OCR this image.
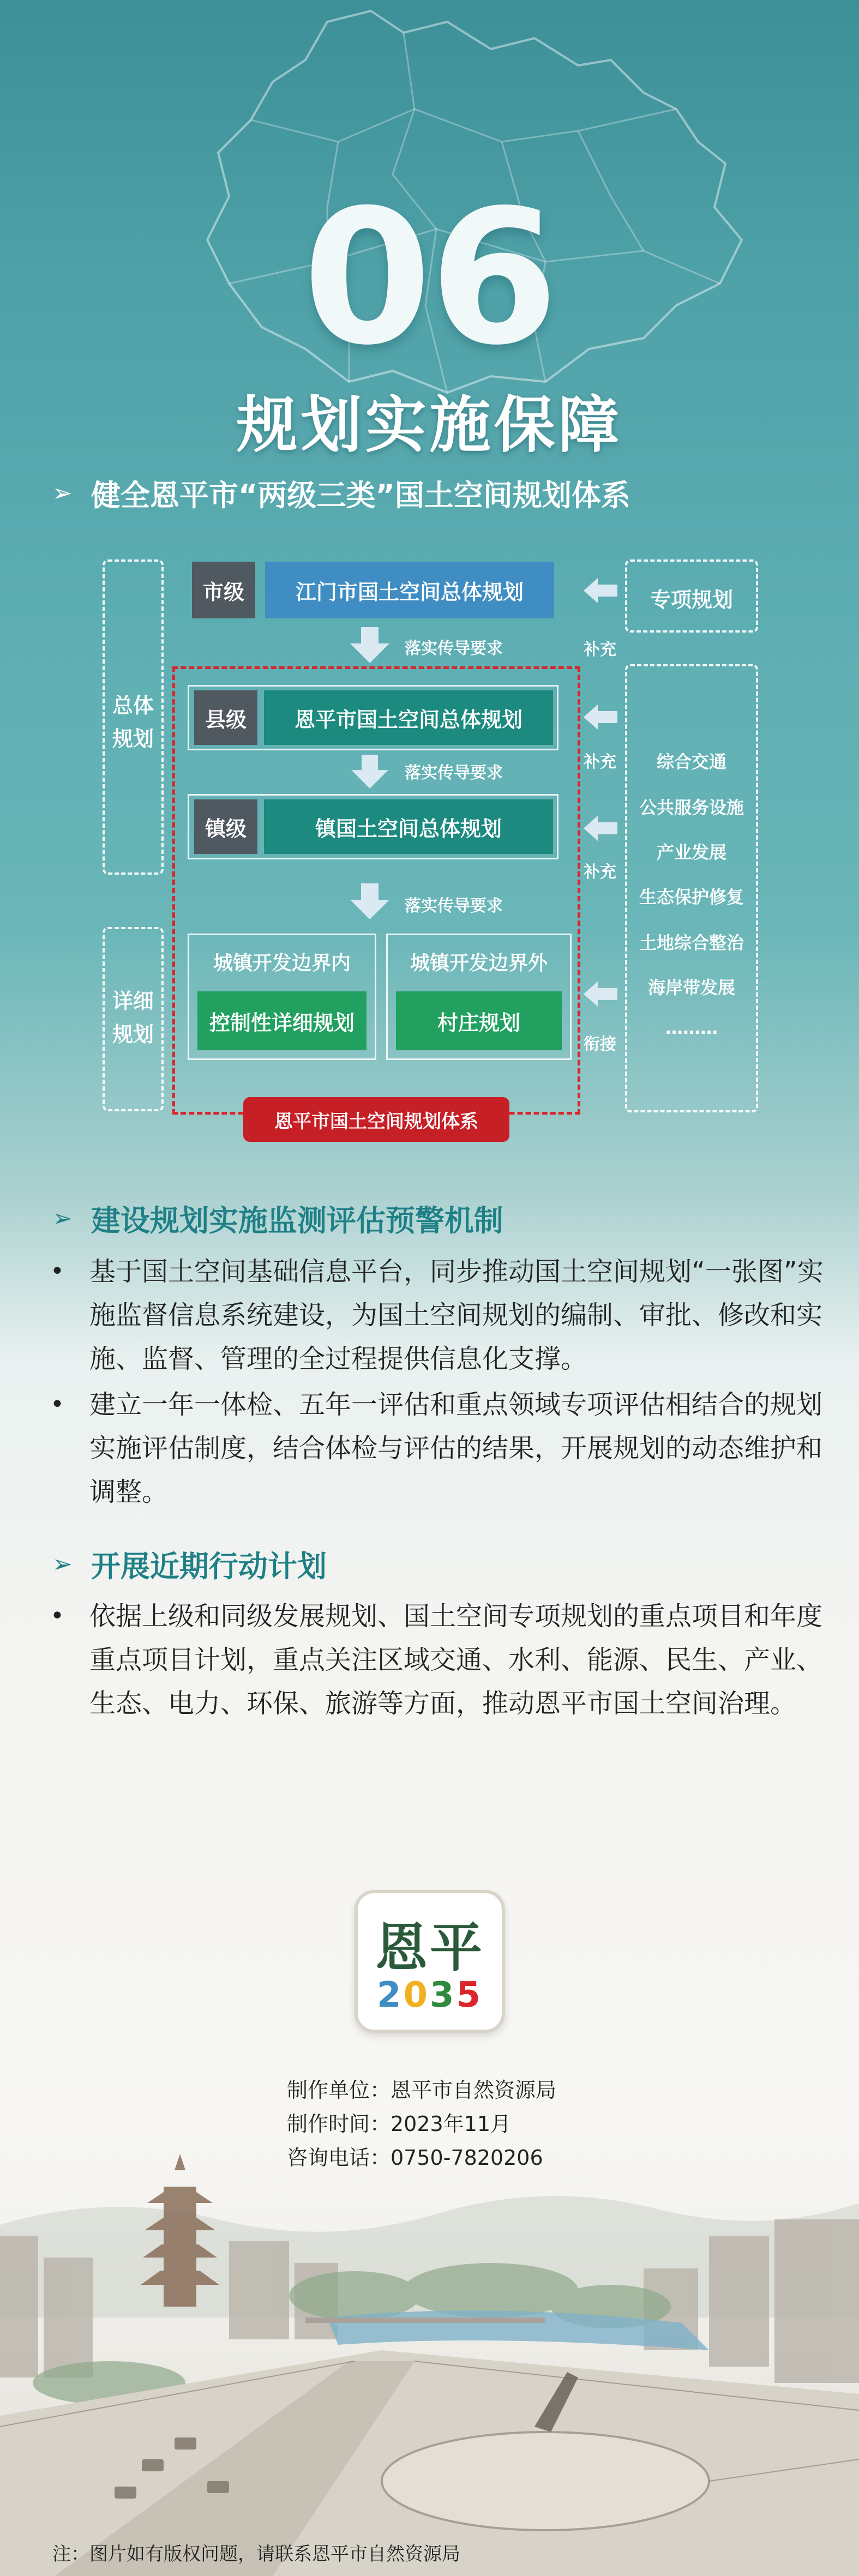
06
规划实施保障
➢ 健全恩平市“两级三类”国土空间规划体系
总体
规划
详细
规划
市级	江门市国土空间总体规划
县级	恩平市国土空间总体规划
镇级	镇国土空间总体规划
城镇开发边界内
控制性详细规划
城镇开发边界外
村庄规划
落实传导要求
落实传导要求
落实传导要求
补充
补充
补充
衔接
专项规划
综合交通
公共服务设施
产业发展
生态保护修复
土地综合整治
海岸带发展
………
恩平市国土空间规划体系
➢ 建设规划实施监测评估预警机制
• 基于国土空间基础信息平台，同步推动国土空间规划“一张图”实施监督信息系统建设，为国土空间规划的编制、审批、修改和实施、监督、管理的全过程提供信息化支撑。
• 建立一年一体检、五年一评估和重点领域专项评估相结合的规划实施评估制度，结合体检与评估的结果，开展规划的动态维护和调整。
➢ 开展近期行动计划
• 依据上级和同级发展规划、国土空间专项规划的重点项目和年度重点项目计划，重点关注区域交通、水利、能源、民生、产业、生态、电力、环保、旅游等方面，推动恩平市国土空间治理。
恩平
2035
制作单位：恩平市自然资源局
制作时间：2023年11月
注：图片如有版权问题，请联系恩平市自然资源局
